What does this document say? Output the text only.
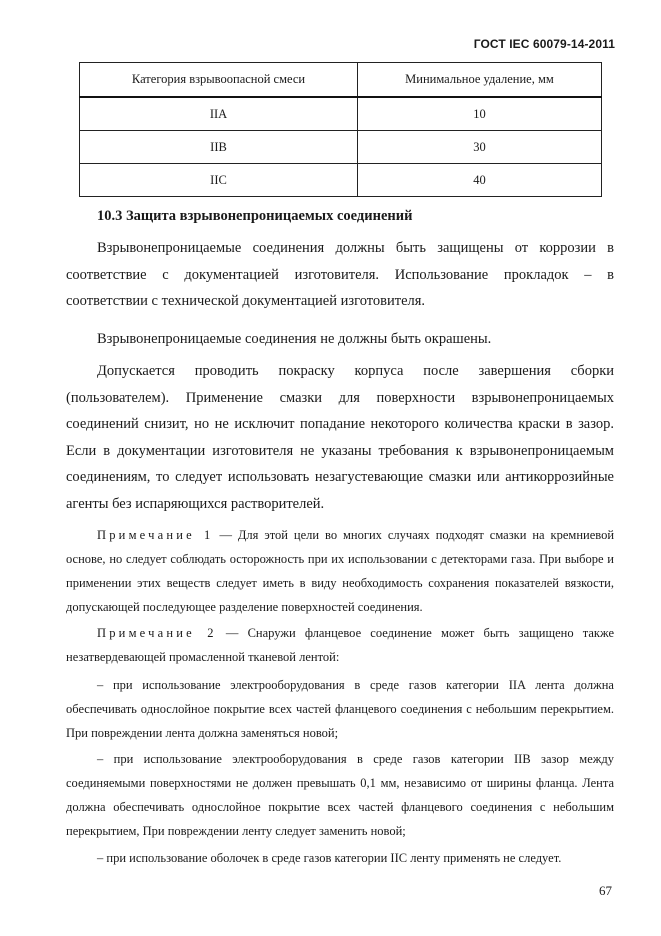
ГОСТ IEC 60079-14-2011
Категория взрывоопасной смеси	Минимальное удаление, мм
IIA	10
IIB	30
IIC	40
10.3 Защита взрывонепроницаемых соединений

Взрывонепроницаемые соединения должны быть защищены от коррозии в соответствие с документацией изготовителя. Использование прокладок – в соответствии с технической документацией изготовителя.

Взрывонепроницаемые соединения не должны быть окрашены.

Допускается проводить покраску корпуса после завершения сборки (пользователем). Применение смазки для поверхности взрывонепроницаемых соединений снизит, но не исключит попадание некоторого количества краски в зазор. Если в документации изготовителя не указаны требования к взрывонепроницаемым соединениям, то следует использовать незагустевающие смазки или антикоррозийные агенты без испаряющихся растворителей.

Примечание 1 — Для этой цели во многих случаях подходят смазки на кремниевой основе, но следует соблюдать осторожность при их использовании с детекторами газа. При выборе и применении этих веществ следует иметь в виду необходимость сохранения показателей вязкости, допускающей последующее разделение поверхностей соединения.

Примечание 2 — Снаружи фланцевое соединение может быть защищено также незатвердевающей промасленной тканевой лентой:

– при использование электрооборудования в среде газов категории IIA лента должна обеспечивать однослойное покрытие всех частей фланцевого соединения с небольшим перекрытием. При повреждении лента должна заменяться новой;

– при использование электрооборудования в среде газов категории IIB зазор между соединяемыми поверхностями не должен превышать 0,1 мм, независимо от ширины фланца. Лента должна обеспечивать однослойное покрытие всех частей фланцевого соединения с небольшим перекрытием, При повреждении ленту следует заменить новой;

– при использование оболочек в среде газов категории IIC ленту применять не следует.

67
